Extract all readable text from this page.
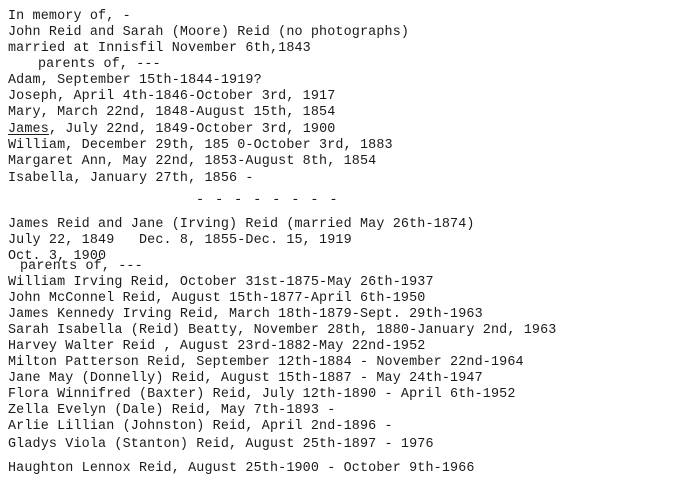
In memory of, -
John Reid and Sarah (Moore) Reid (no photographs)
married at Innisfil November 6th,1843
parents of, ---
Adam, September 15th-1844-1919?
Joseph, April 4th-1846-October 3rd, 1917
Mary, March 22nd, 1848-August 15th, 1854
James, July 22nd, 1849-October 3rd, 1900
William, December 29th, 185 0-October 3rd, 1883
Margaret Ann, May 22nd, 1853-August 8th, 1854
Isabella, January 27th, 1856 -
- - - - - - - -
James Reid and Jane (Irving) Reid (married May 26th-1874)
July 22, 1849   Dec. 8, 1855-Dec. 15, 1919
Oct. 3, 1900
parents of, ---
William Irving Reid, October 31st-1875-May 26th-1937
John McConnel Reid, August 15th-1877-April 6th-1950
James Kennedy Irving Reid, March 18th-1879-Sept. 29th-1963
Sarah Isabella (Reid) Beatty, November 28th, 1880-January 2nd, 1963
Harvey Walter Reid , August 23rd-1882-May 22nd-1952
Milton Patterson Reid, September 12th-1884 - November 22nd-1964
Jane May (Donnelly) Reid, August 15th-1887 - May 24th-1947
Flora Winnifred (Baxter) Reid, July 12th-1890 - April 6th-1952
Zella Evelyn (Dale) Reid, May 7th-1893 -
Arlie Lillian (Johnston) Reid, April 2nd-1896 -
Gladys Viola (Stanton) Reid, August 25th-1897 - 1976
Haughton Lennox Reid, August 25th-1900 - October 9th-1966
